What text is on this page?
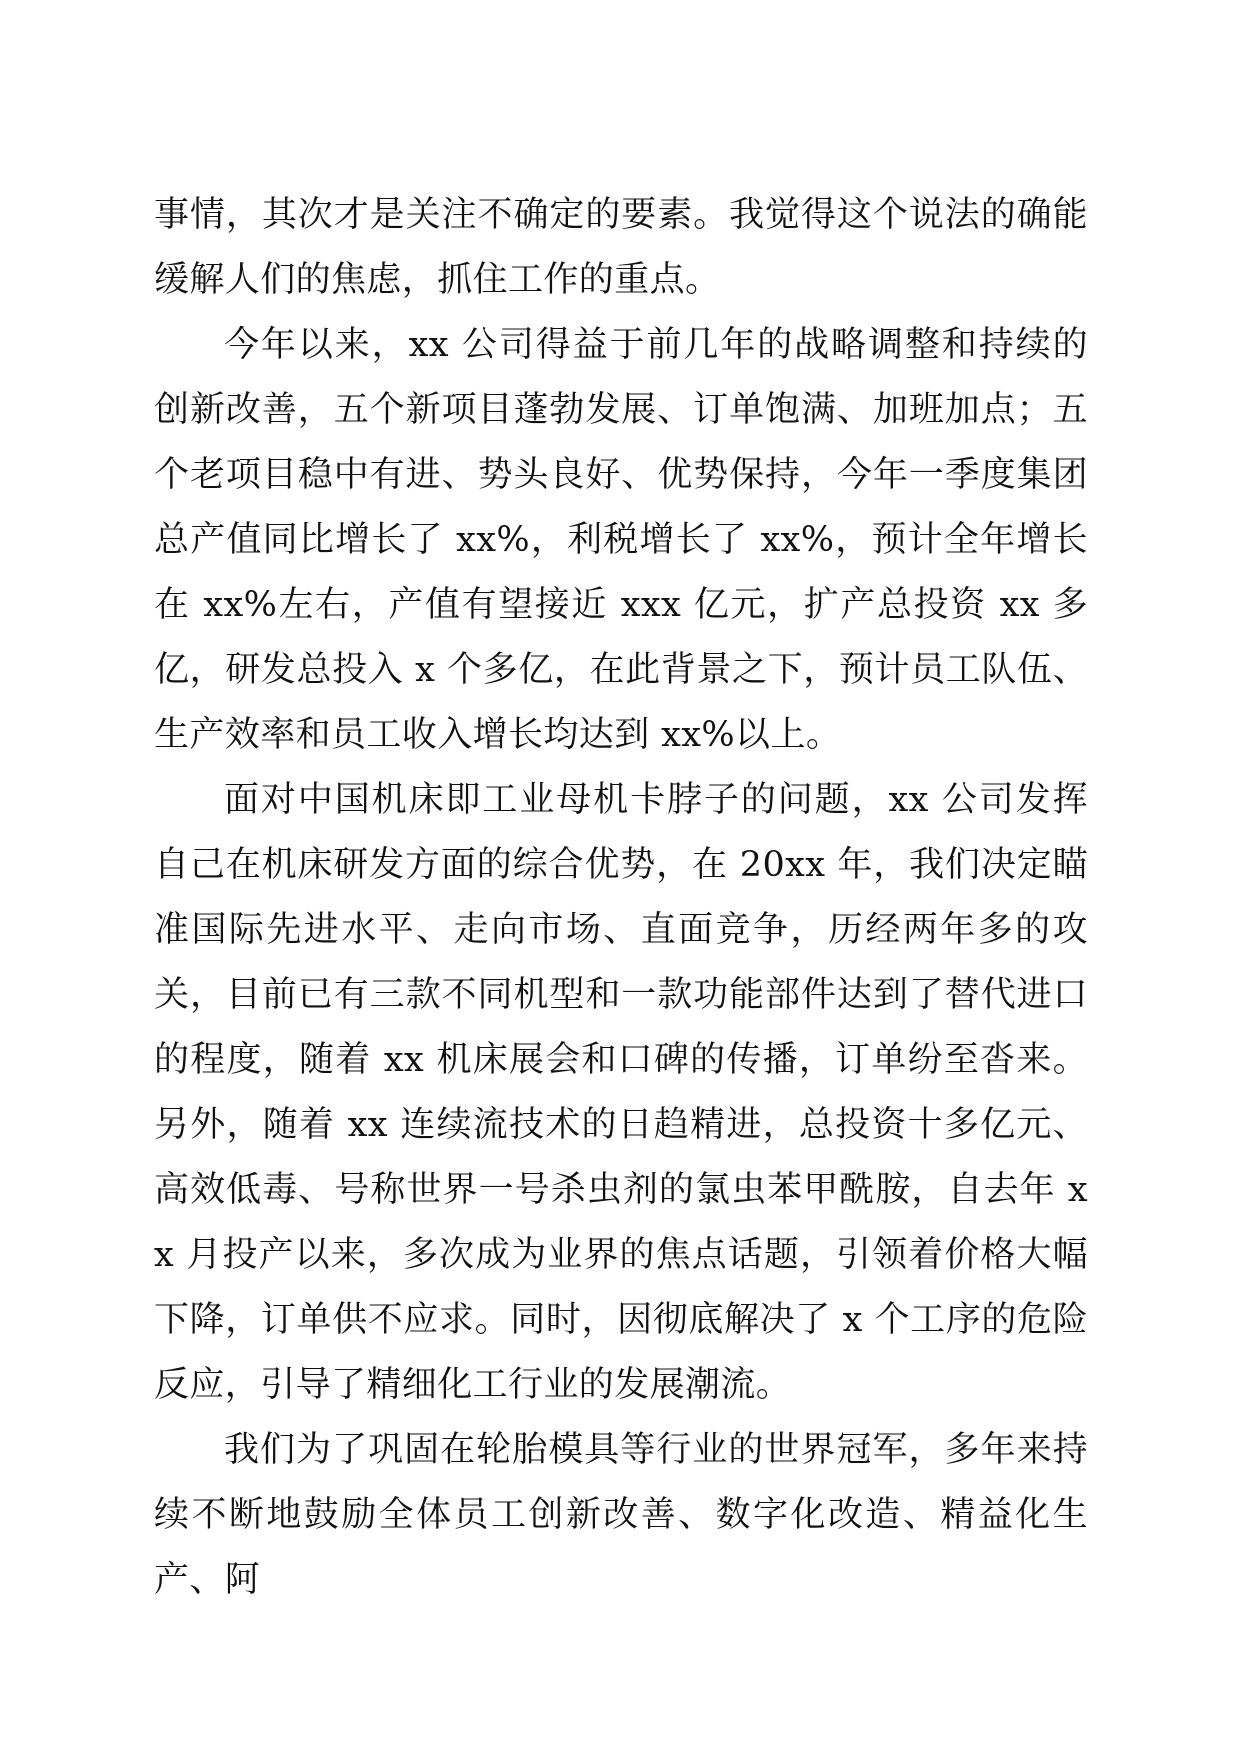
事情，其次才是关注不确定的要素。我觉得这个说法的确能缓解人们的焦虑，抓住工作的重点。

今年以来，xx 公司得益于前几年的战略调整和持续的创新改善，五个新项目蓬勃发展、订单饱满、加班加点；五个老项目稳中有进、势头良好、优势保持，今年一季度集团总产值同比增长了 xx%，利税增长了 xx%，预计全年增长在 xx%左右，产值有望接近 xxx 亿元，扩产总投资 xx 多亿，研发总投入 x 个多亿，在此背景之下，预计员工队伍、生产效率和员工收入增长均达到 xx%以上。

面对中国机床即工业母机卡脖子的问题，xx 公司发挥自己在机床研发方面的综合优势，在 20xx 年，我们决定瞄准国际先进水平、走向市场、直面竞争，历经两年多的攻关，目前已有三款不同机型和一款功能部件达到了替代进口的程度，随着 xx 机床展会和口碑的传播，订单纷至沓来。另外，随着 xx 连续流技术的日趋精进，总投资十多亿元、高效低毒、号称世界一号杀虫剂的氯虫苯甲酰胺，自去年 xx 月投产以来，多次成为业界的焦点话题，引领着价格大幅下降，订单供不应求。同时，因彻底解决了 x 个工序的危险反应，引导了精细化工行业的发展潮流。

我们为了巩固在轮胎模具等行业的世界冠军，多年来持续不断地鼓励全体员工创新改善、数字化改造、精益化生产、阿
